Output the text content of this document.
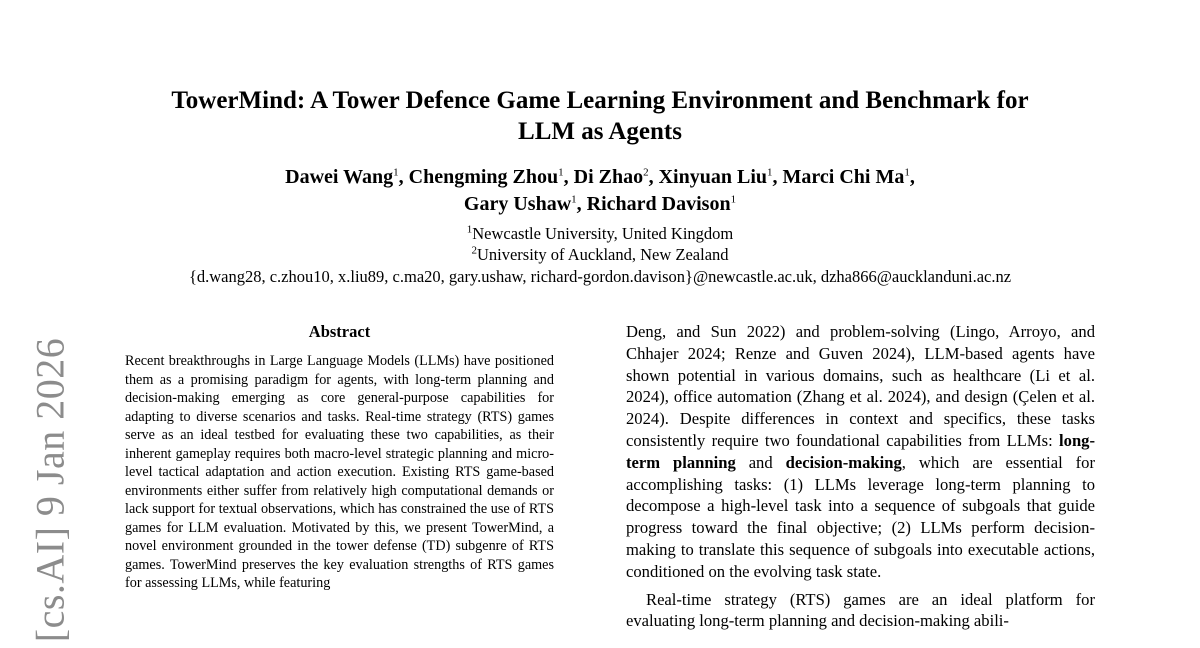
[cs.AI] 9 Jan 2026
TowerMind: A Tower Defence Game Learning Environment and Benchmark for
LLM as Agents
Dawei Wang$^1$, Chengming Zhou$^1$, Di Zhao$^2$, Xinyuan Liu$^1$, Marci Chi Ma$^1$,
Gary Ushaw$^1$, Richard Davison$^1$
$^1$Newcastle University, United Kingdom
$^2$University of Auckland, New Zealand
{d.wang28, c.zhou10, x.liu89, c.ma20, gary.ushaw, richard-gordon.davison}@newcastle.ac.uk, dzha866@aucklanduni.ac.nz
Abstract
Recent breakthroughs in Large Language Models (LLMs) have positioned them as a promising paradigm for agents, with long-term planning and decision-making emerging as core general-purpose capabilities for adapting to diverse scenarios and tasks. Real-time strategy (RTS) games serve as an ideal testbed for evaluating these two capabilities, as their inherent gameplay requires both macro-level strategic planning and micro-level tactical adaptation and action execution. Existing RTS game-based environments either suffer from relatively high computational demands or lack support for textual observations, which has constrained the use of RTS games for LLM evaluation. Motivated by this, we present TowerMind, a novel environment grounded in the tower defense (TD) subgenre of RTS games. TowerMind preserves the key evaluation strengths of RTS games for assessing LLMs, while featuring

Deng, and Sun 2022) and problem-solving (Lingo, Arroyo, and Chhajer 2024; Renze and Guven 2024), LLM-based agents have shown potential in various domains, such as healthcare (Li et al. 2024), office automation (Zhang et al. 2024), and design (Çelen et al. 2024). Despite differences in context and specifics, these tasks consistently require two foundational capabilities from LLMs: long-term planning and decision-making, which are essential for accomplishing tasks: (1) LLMs leverage long-term planning to decompose a high-level task into a sequence of subgoals that guide progress toward the final objective; (2) LLMs perform decision-making to translate this sequence of subgoals into executable actions, conditioned on the evolving task state.

Real-time strategy (RTS) games are an ideal platform for evaluating long-term planning and decision-making abili-
